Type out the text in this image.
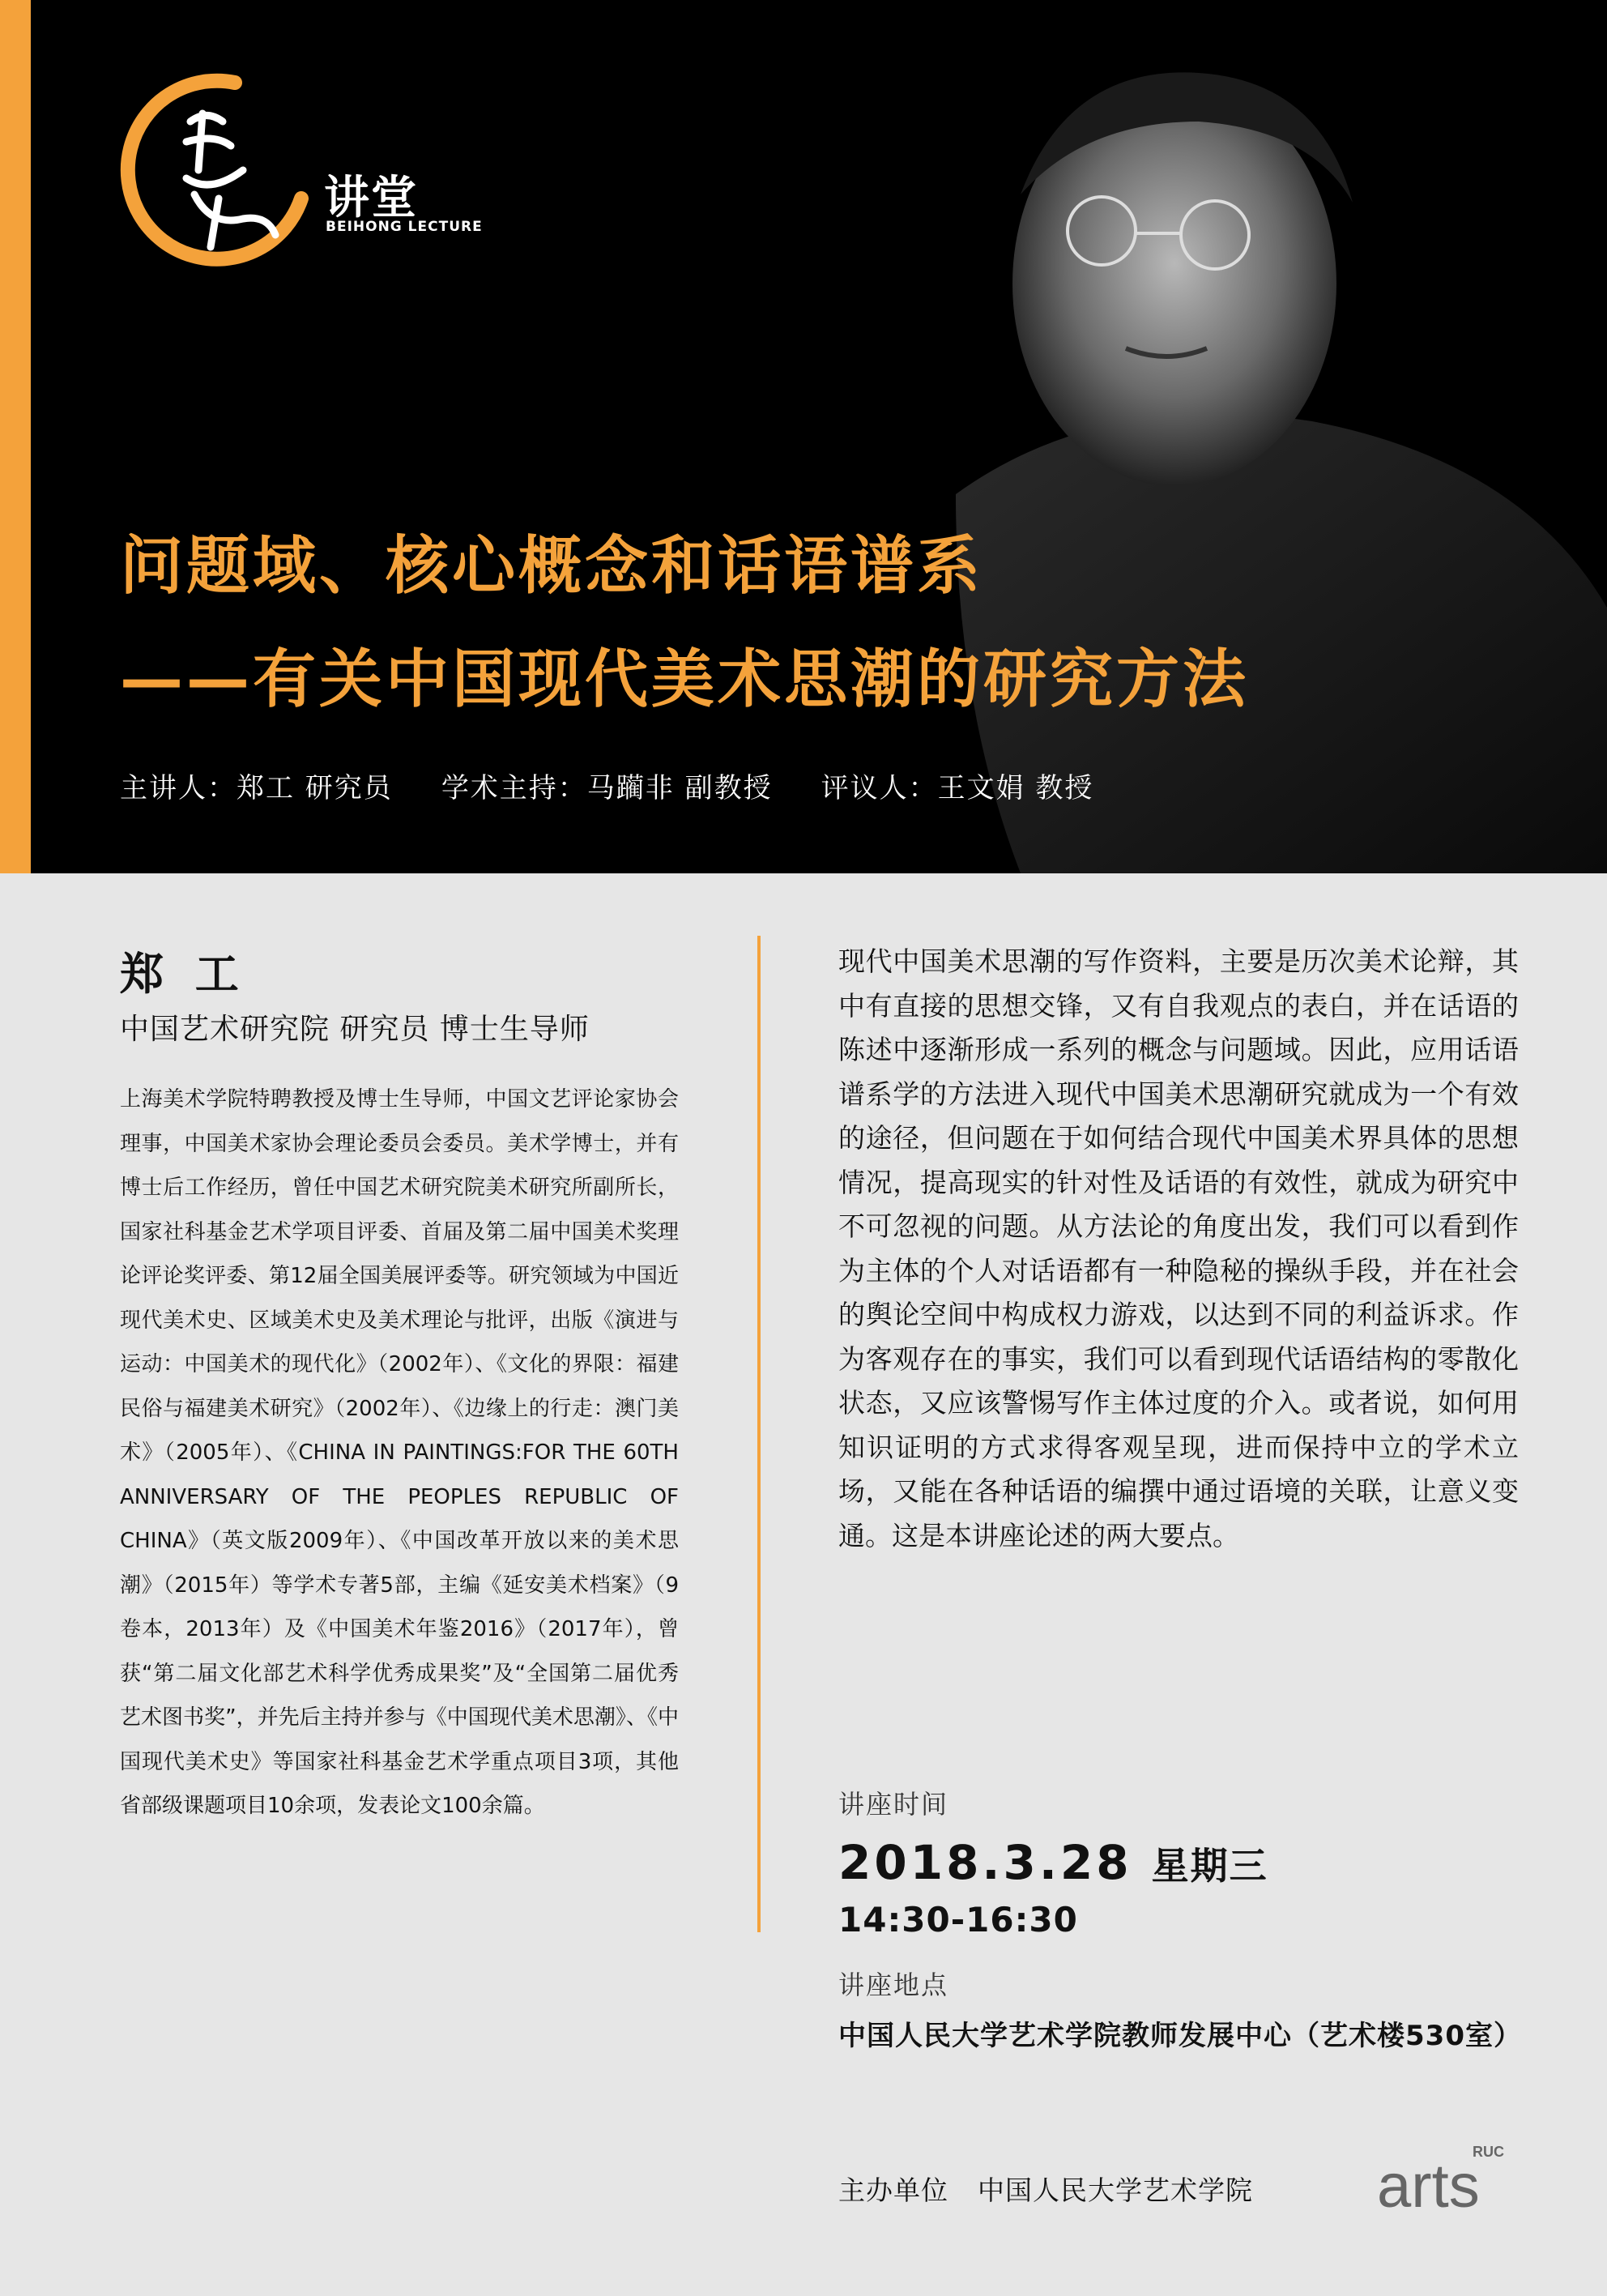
讲堂
BEIHONG LECTURE
问题域、核心概念和话语谱系
——有关中国现代美术思潮的研究方法
主讲人：郑工 研究员 学术主持：马躏非 副教授 评议人：王文娟 教授
郑 工
中国艺术研究院 研究员 博士生导师
上海美术学院特聘教授及博士生导师，中国文艺评论家协会理事，中国美术家协会理论委员会委员。美术学博士，并有博士后工作经历，曾任中国艺术研究院美术研究所副所长，国家社科基金艺术学项目评委、首届及第二届中国美术奖理论评论奖评委、第12届全国美展评委等。研究领域为中国近现代美术史、区域美术史及美术理论与批评，出版《演进与运动：中国美术的现代化》（2002年）、《文化的界限：福建民俗与福建美术研究》（2002年）、《边缘上的行走：澳门美术》（2005年）、《CHINA IN PAINTINGS:FOR THE 60TH ANNIVERSARY OF THE PEOPLES REPUBLIC OF CHINA》（英文版2009年）、《中国改革开放以来的美术思潮》（2015年）等学术专著5部，主编《延安美术档案》（9卷本，2013年）及《中国美术年鉴2016》（2017年），曾获“第二届文化部艺术科学优秀成果奖”及“全国第二届优秀艺术图书奖”，并先后主持并参与《中国现代美术思潮》、《中国现代美术史》等国家社科基金艺术学重点项目3项，其他省部级课题项目10余项，发表论文100余篇。
现代中国美术思潮的写作资料，主要是历次美术论辩，其中有直接的思想交锋，又有自我观点的表白，并在话语的陈述中逐渐形成一系列的概念与问题域。因此，应用话语谱系学的方法进入现代中国美术思潮研究就成为一个有效的途径，但问题在于如何结合现代中国美术界具体的思想情况，提高现实的针对性及话语的有效性，就成为研究中不可忽视的问题。从方法论的角度出发，我们可以看到作为主体的个人对话语都有一种隐秘的操纵手段，并在社会的舆论空间中构成权力游戏，以达到不同的利益诉求。作为客观存在的事实，我们可以看到现代话语结构的零散化状态，又应该警惕写作主体过度的介入。或者说，如何用知识证明的方式求得客观呈现，进而保持中立的学术立场，又能在各种话语的编撰中通过语境的关联，让意义变通。这是本讲座论述的两大要点。
讲座时间
2018.3.28 星期三
14:30-16:30
讲座地点
中国人民大学艺术学院教师发展中心（艺术楼530室）
主办单位 中国人民大学艺术学院
RUC
arts
